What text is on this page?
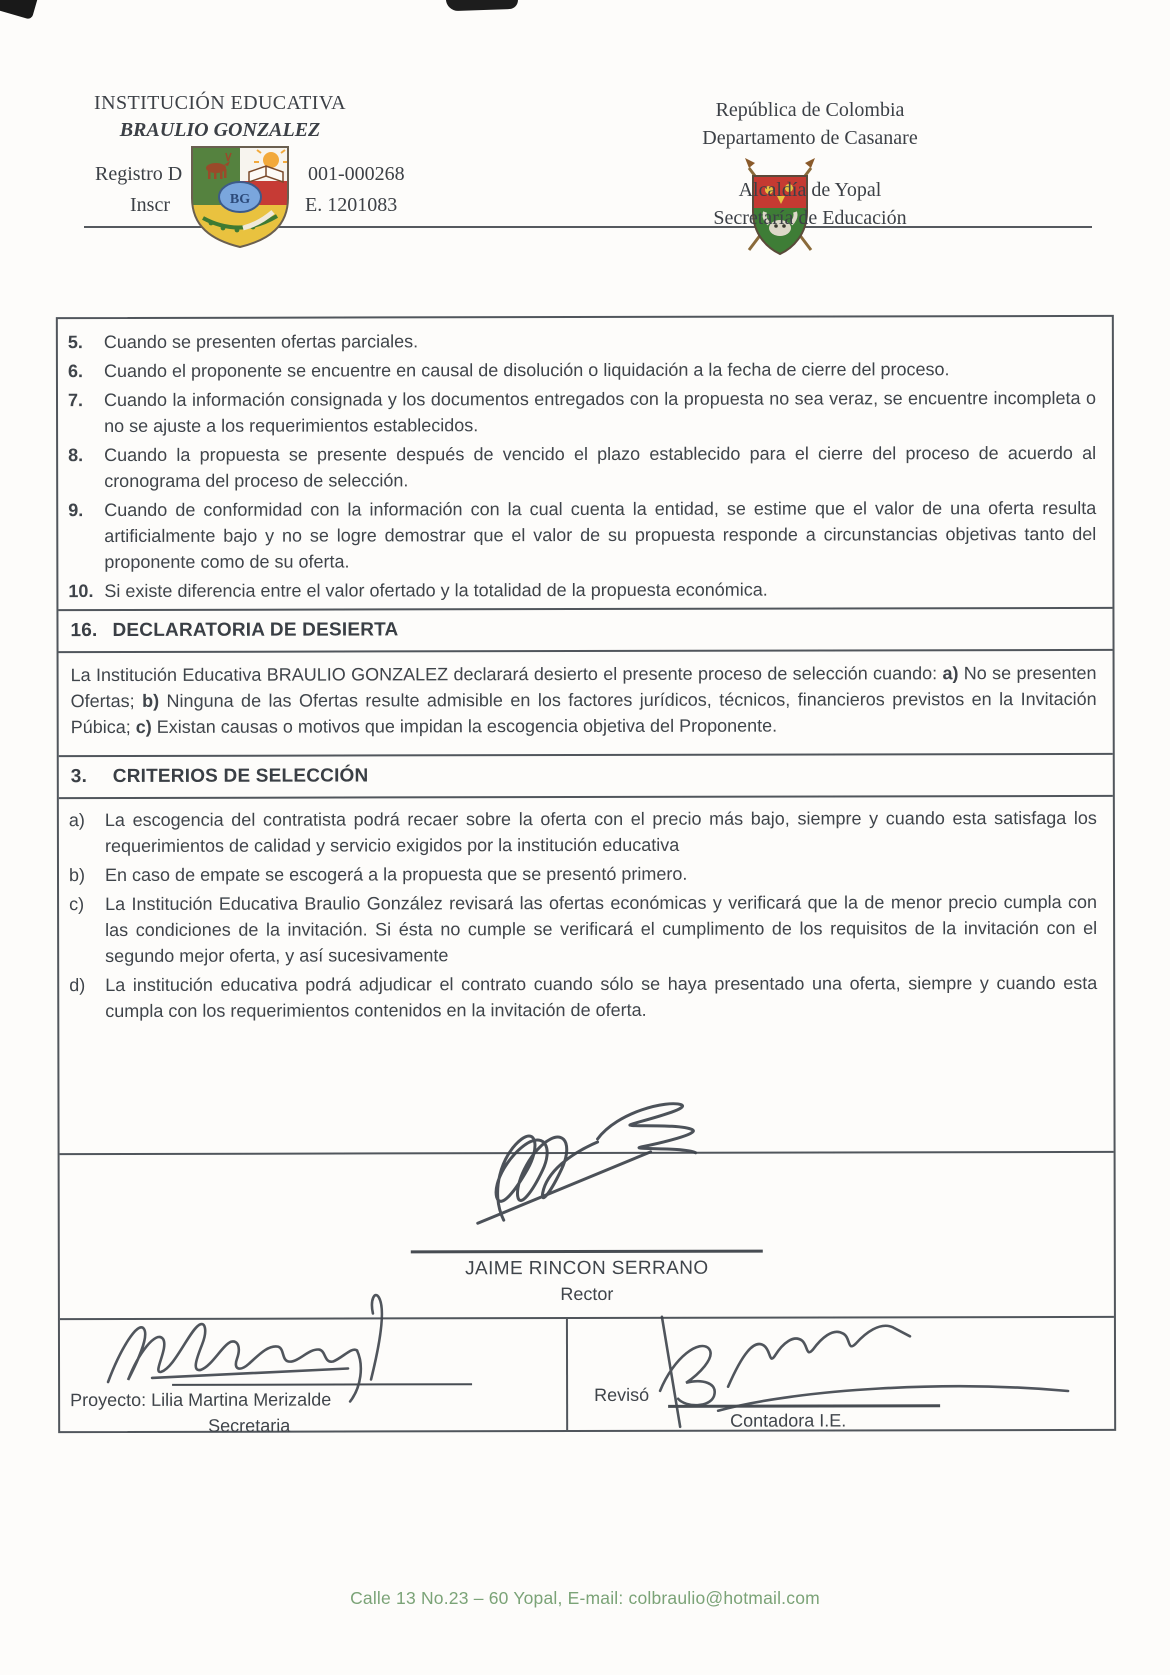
INSTITUCIÓN EDUCATIVA
BRAULIO GONZALEZ
Registro D	001-000268
Inscr	E. 1201083
BG
República de Colombia
Departamento de Casanare
Alcaldía de Yopal
Secretaría de Educación
5.	Cuando se presenten ofertas parciales.
6.	Cuando el proponente se encuentre en causal de disolución o liquidación a la fecha de cierre del proceso.
7.	Cuando la información consignada y los documentos entregados con la propuesta no sea veraz, se encuentre incompleta o no se ajuste a los requerimientos establecidos.
8.	Cuando la propuesta se presente después de vencido el plazo establecido para el cierre del proceso de acuerdo al cronograma del proceso de selección.
9.	Cuando de conformidad con la información con la cual cuenta la entidad, se estime que el valor de una oferta resulta artificialmente bajo y no se logre demostrar que el valor de su propuesta responde a circunstancias objetivas tanto del proponente como de su oferta.
10. Si existe diferencia entre el valor ofertado y la totalidad de la propuesta económica.
16. DECLARATORIA DE DESIERTA
La Institución Educativa BRAULIO GONZALEZ declarará desierto el presente proceso de selección cuando: a) No se presenten Ofertas; b) Ninguna de las Ofertas resulte admisible en los factores jurídicos, técnicos, financieros previstos en la Invitación Púbica; c) Existan causas o motivos que impidan la escogencia objetiva del Proponente.
3. CRITERIOS DE SELECCIÓN
a)	La escogencia del contratista podrá recaer sobre la oferta con el precio más bajo, siempre y cuando esta satisfaga los requerimientos de calidad y servicio exigidos por la institución educativa
b)	En caso de empate se escogerá a la propuesta que se presentó primero.
c)	La Institución Educativa Braulio González revisará las ofertas económicas y verificará que la de menor precio cumpla con las condiciones de la invitación. Si ésta no cumple se verificará el cumplimento de los requisitos de la invitación con el segundo mejor oferta, y así sucesivamente
d)	La institución educativa podrá adjudicar el contrato cuando sólo se haya presentado una oferta, siempre y cuando esta cumpla con los requerimientos contenidos en la invitación de oferta.
JAIME RINCON SERRANO
Rector
Proyecto: Lilia Martina Merizalde
Secretaria
Revisó
Contadora I.E.
Calle 13 No.23 – 60 Yopal, E-mail: colbraulio@hotmail.com
